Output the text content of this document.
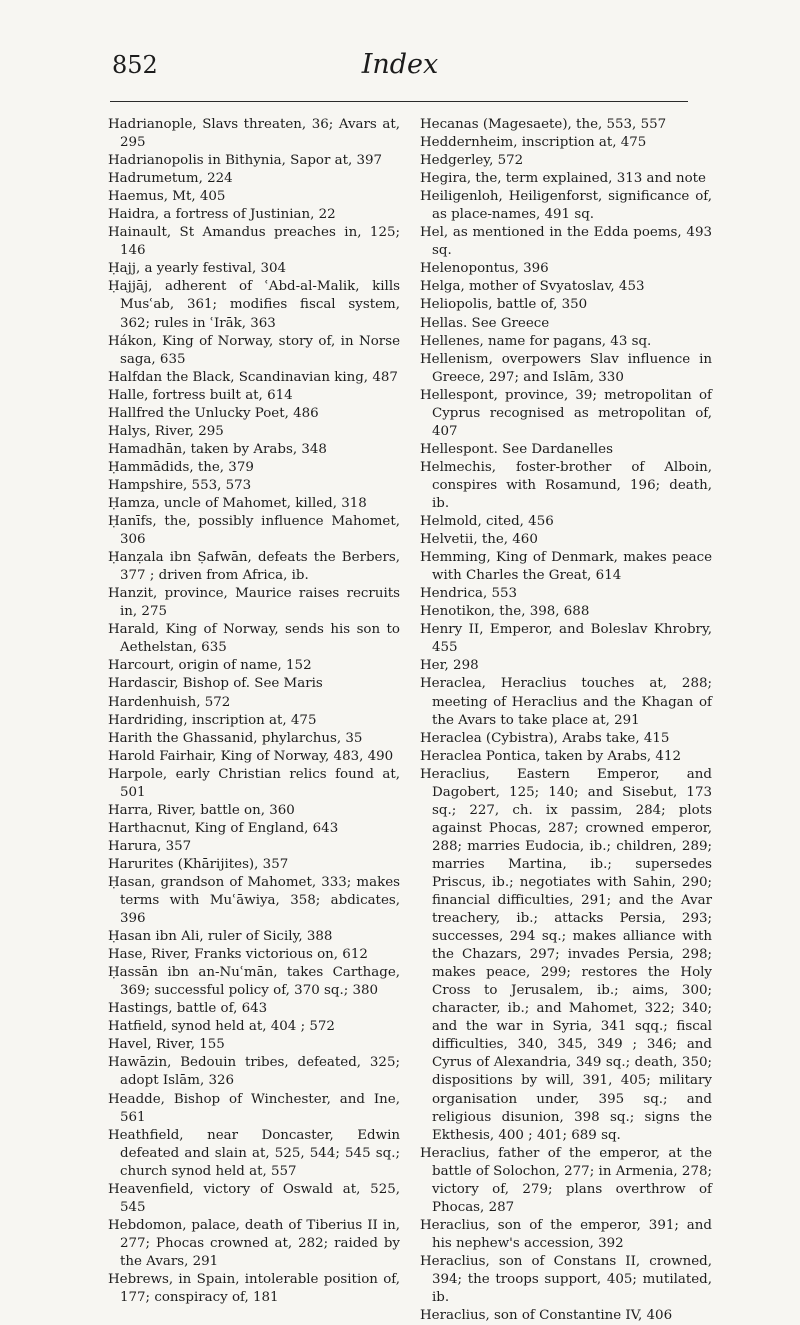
852	Index

Hadrianople, Slavs threaten, 36; Avars at, 295

Hadrianopolis in Bithynia, Sapor at, 397

Hadrumetum, 224

Haemus, Mt, 405

Haidra, a fortress of Justinian, 22

Hainault, St Amandus preaches in, 125; 146

Ḥajj, a yearly festival, 304

Ḥajjāj, adherent of ʿAbd-al-Malik, kills Musʿab, 361; modifies fiscal system, 362; rules in ʿIrāk, 363

Hákon, King of Norway, story of, in Norse saga, 635

Halfdan the Black, Scandinavian king, 487

Halle, fortress built at, 614

Hallfred the Unlucky Poet, 486

Halys, River, 295

Hamadhān, taken by Arabs, 348

Ḥammādids, the, 379

Hampshire, 553, 573

Ḥamza, uncle of Mahomet, killed, 318

Ḥanīfs, the, possibly influence Mahomet, 306

Ḥanẓala ibn Ṣafwān, defeats the Berbers, 377 ; driven from Africa, ib.

Hanzit, province, Maurice raises recruits in, 275

Harald, King of Norway, sends his son to Aethelstan, 635

Harcourt, origin of name, 152

Hardascir, Bishop of. See Maris

Hardenhuish, 572

Hardriding, inscription at, 475

Harith the Ghassanid, phylarchus, 35

Harold Fairhair, King of Norway, 483, 490

Harpole, early Christian relics found at, 501

Harra, River, battle on, 360

Harthacnut, King of England, 643

Harura, 357

Harurites (Khārijites), 357

Ḥasan, grandson of Mahomet, 333; makes terms with Muʿāwiya, 358; abdicates, 396

Ḥasan ibn Ali, ruler of Sicily, 388

Hase, River, Franks victorious on, 612

Ḥassān ibn an-Nuʿmān, takes Carthage, 369; successful policy of, 370 sq.; 380

Hastings, battle of, 643

Hatfield, synod held at, 404 ; 572

Havel, River, 155

Hawāzin, Bedouin tribes, defeated, 325; adopt Islām, 326

Headde, Bishop of Winchester, and Ine, 561

Heathfield, near Doncaster, Edwin defeated and slain at, 525, 544; 545 sq.; church synod held at, 557

Heavenfield, victory of Oswald at, 525, 545

Hebdomon, palace, death of Tiberius II in, 277; Phocas crowned at, 282; raided by the Avars, 291

Hebrews, in Spain, intolerable position of, 177; conspiracy of, 181

Hecanas (Magesaete), the, 553, 557

Heddernheim, inscription at, 475

Hedgerley, 572

Hegira, the, term explained, 313 and note

Heiligenloh, Heiligenforst, significance of, as place-names, 491 sq.

Hel, as mentioned in the Edda poems, 493 sq.

Helenopontus, 396

Helga, mother of Svyatoslav, 453

Heliopolis, battle of, 350

Hellas. See Greece

Hellenes, name for pagans, 43 sq.

Hellenism, overpowers Slav influence in Greece, 297; and Islām, 330

Hellespont, province, 39; metropolitan of Cyprus recognised as metropolitan of, 407

Hellespont. See Dardanelles

Helmechis, foster-brother of Alboin, conspires with Rosamund, 196; death, ib.

Helmold, cited, 456

Helvetii, the, 460

Hemming, King of Denmark, makes peace with Charles the Great, 614

Hendrica, 553

Henotikon, the, 398, 688

Henry II, Emperor, and Boleslav Khrobry, 455

Her, 298

Heraclea, Heraclius touches at, 288; meeting of Heraclius and the Khagan of the Avars to take place at, 291

Heraclea (Cybistra), Arabs take, 415

Heraclea Pontica, taken by Arabs, 412

Heraclius, Eastern Emperor, and Dagobert, 125; 140; and Sisebut, 173 sq.; 227, ch. ix passim, 284; plots against Phocas, 287; crowned emperor, 288; marries Eudocia, ib.; children, 289; marries Martina, ib.; supersedes Priscus, ib.; negotiates with Sahin, 290; financial difficulties, 291; and the Avar treachery, ib.; attacks Persia, 293; successes, 294 sq.; makes alliance with the Chazars, 297; invades Persia, 298; makes peace, 299; restores the Holy Cross to Jerusalem, ib.; aims, 300; character, ib.; and Mahomet, 322; 340; and the war in Syria, 341 sqq.; fiscal difficulties, 340, 345, 349 ; 346; and Cyrus of Alexandria, 349 sq.; death, 350; dispositions by will, 391, 405; military organisation under, 395 sq.; and religious disunion, 398 sq.; signs the Ekthesis, 400 ; 401; 689 sq.

Heraclius, father of the emperor, at the battle of Solochon, 277; in Armenia, 278; victory of, 279; plans overthrow of Phocas, 287

Heraclius, son of the emperor, 391; and his nephew's accession, 392

Heraclius, son of Constans II, crowned, 394; the troops support, 405; mutilated, ib.

Heraclius, son of Constantine IV, 406
